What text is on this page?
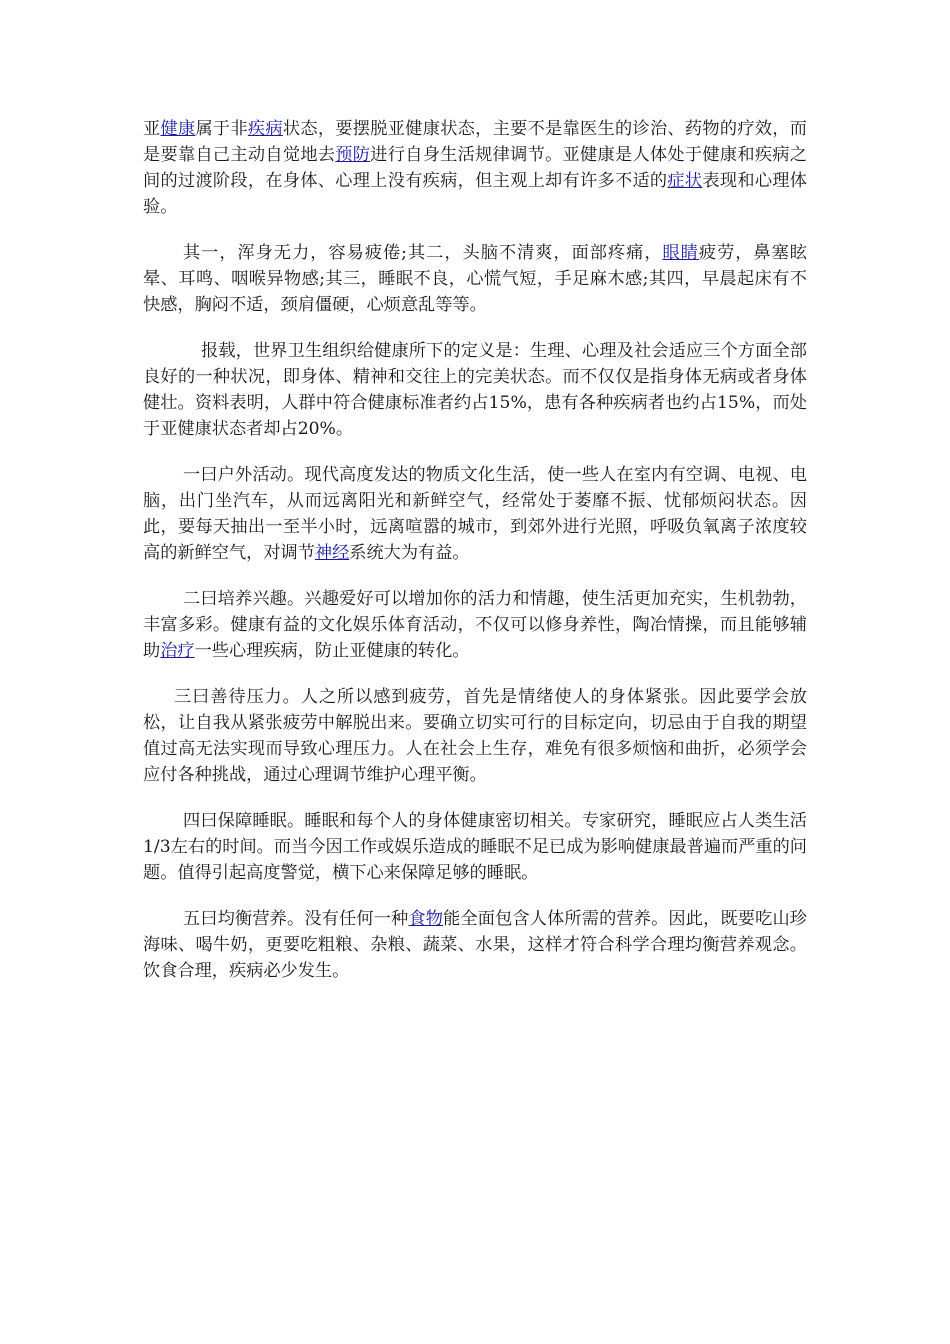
亚健康属于非疾病状态，要摆脱亚健康状态，主要不是靠医生的诊治、药物的疗效，而是要靠自己主动自觉地去预防进行自身生活规律调节。亚健康是人体处于健康和疾病之间的过渡阶段，在身体、心理上没有疾病，但主观上却有许多不适的症状表现和心理体验。

其一，浑身无力，容易疲倦;其二，头脑不清爽，面部疼痛，眼睛疲劳，鼻塞眩晕、耳鸣、咽喉异物感;其三，睡眠不良，心慌气短，手足麻木感;其四，早晨起床有不快感，胸闷不适，颈肩僵硬，心烦意乱等等。

报载，世界卫生组织给健康所下的定义是：生理、心理及社会适应三个方面全部良好的一种状况，即身体、精神和交往上的完美状态。而不仅仅是指身体无病或者身体健壮。资料表明，人群中符合健康标准者约占15%，患有各种疾病者也约占15%，而处于亚健康状态者却占20%。

一曰户外活动。现代高度发达的物质文化生活，使一些人在室内有空调、电视、电脑，出门坐汽车，从而远离阳光和新鲜空气，经常处于萎靡不振、忧郁烦闷状态。因此，要每天抽出一至半小时，远离喧嚣的城市，到郊外进行光照，呼吸负氧离子浓度较高的新鲜空气，对调节神经系统大为有益。

二曰培养兴趣。兴趣爱好可以增加你的活力和情趣，使生活更加充实，生机勃勃，丰富多彩。健康有益的文化娱乐体育活动，不仅可以修身养性，陶冶情操，而且能够辅助治疗一些心理疾病，防止亚健康的转化。

三曰善待压力。人之所以感到疲劳，首先是情绪使人的身体紧张。因此要学会放松，让自我从紧张疲劳中解脱出来。要确立切实可行的目标定向，切忌由于自我的期望值过高无法实现而导致心理压力。人在社会上生存，难免有很多烦恼和曲折，必须学会应付各种挑战，通过心理调节维护心理平衡。

四曰保障睡眠。睡眠和每个人的身体健康密切相关。专家研究，睡眠应占人类生活1/3左右的时间。而当今因工作或娱乐造成的睡眠不足已成为影响健康最普遍而严重的问题。值得引起高度警觉，横下心来保障足够的睡眠。

五曰均衡营养。没有任何一种食物能全面包含人体所需的营养。因此，既要吃山珍海味、喝牛奶，更要吃粗粮、杂粮、蔬菜、水果，这样才符合科学合理均衡营养观念。饮食合理，疾病必少发生。
